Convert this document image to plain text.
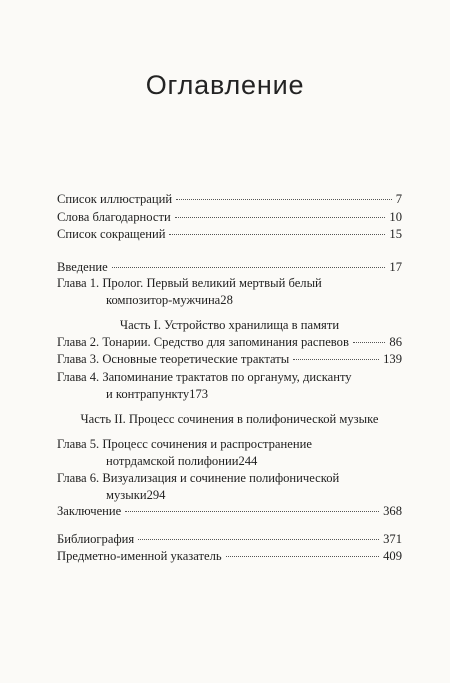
Оглавление
Список иллюстраций	7
Слова благодарности	10
Список сокращений	15
Введение	17
Глава 1. Пролог. Первый великий мертвый белый
композитор-мужчина 28
Часть I. Устройство хранилища в памяти
Глава 2. Тонарии. Средство для запоминания распевов	86
Глава 3. Основные теоретические трактаты	139
Глава 4. Запоминание трактатов по органуму, дисканту
и контрапункту 173
Часть II. Процесс сочинения в полифонической музыке
Глава 5. Процесс сочинения и распространение
нотрдамской полифонии 244
Глава 6. Визуализация и сочинение полифонической
музыки 294
Заключение	368
Библиография	371
Предметно-именной указатель	409
